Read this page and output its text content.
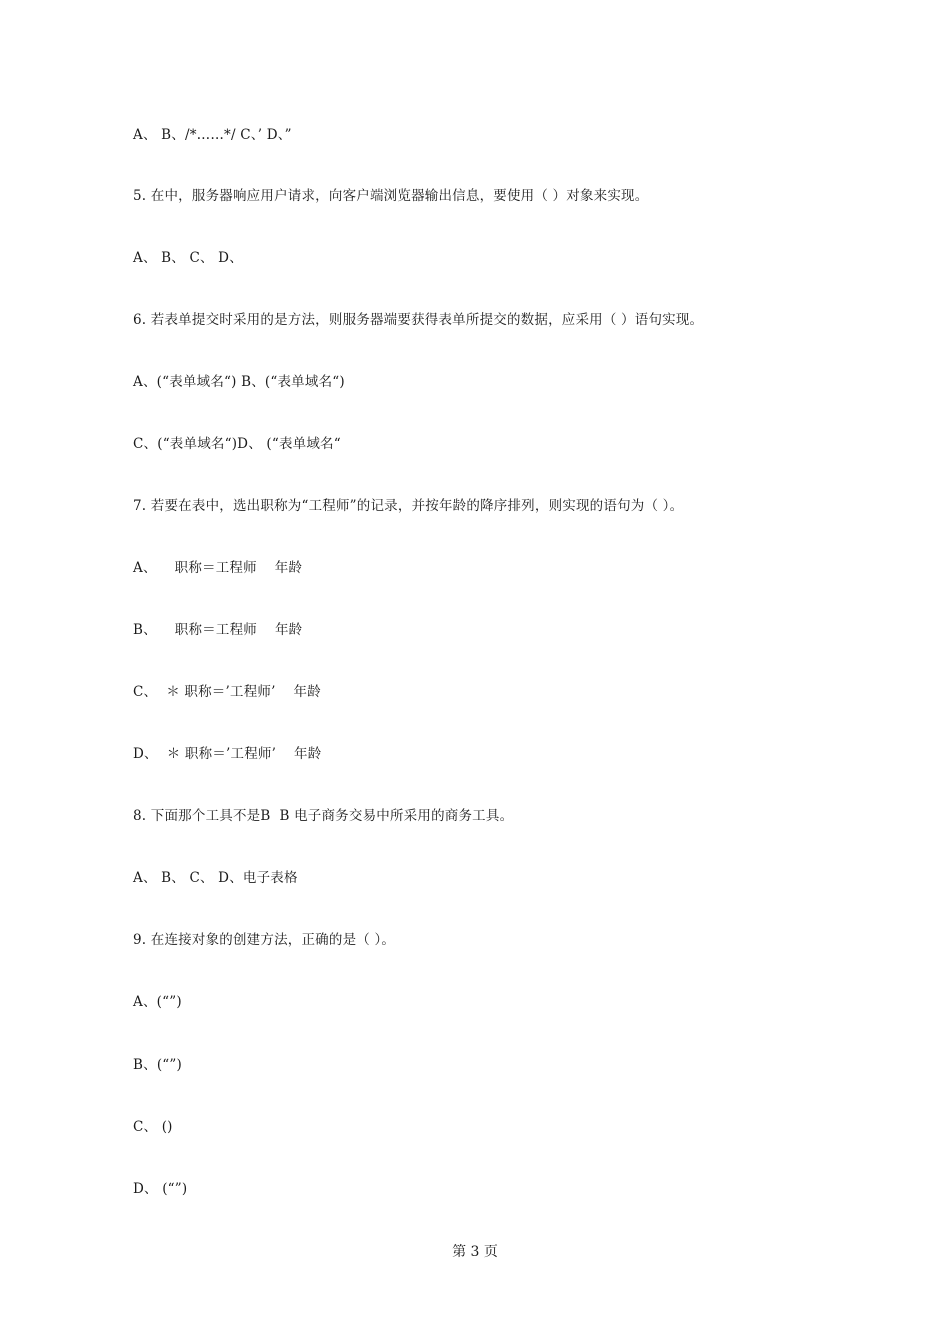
A、 B、/*……*/ C、’ D、”
5. 在中，服务器响应用户请求，向客户端浏览器输出信息，要使用（ ）对象来实现。
A、 B、 C、 D、
6. 若表单提交时采用的是方法，则服务器端要获得表单所提交的数据，应采用（ ）语句实现。
A、(“表单域名“) B、(“表单域名“)
C、(“表单域名“)D、 (“表单域名“
7. 若要在表中，选出职称为“工程师”的记录，并按年龄的降序排列，则实现的语句为（ ）。
A、    职称＝工程师    年龄
B、    职称＝工程师    年龄
C、  ＊ 职称＝’工程师’    年龄
D、  ＊ 职称＝’工程师’    年龄
8. 下面那个工具不是B  B 电子商务交易中所采用的商务工具。
A、 B、 C、 D、电子表格
9. 在连接对象的创建方法，正确的是（ ）。
A、(“”)
B、(“”)
C、 ()
D、 (“”)
第 3 页
